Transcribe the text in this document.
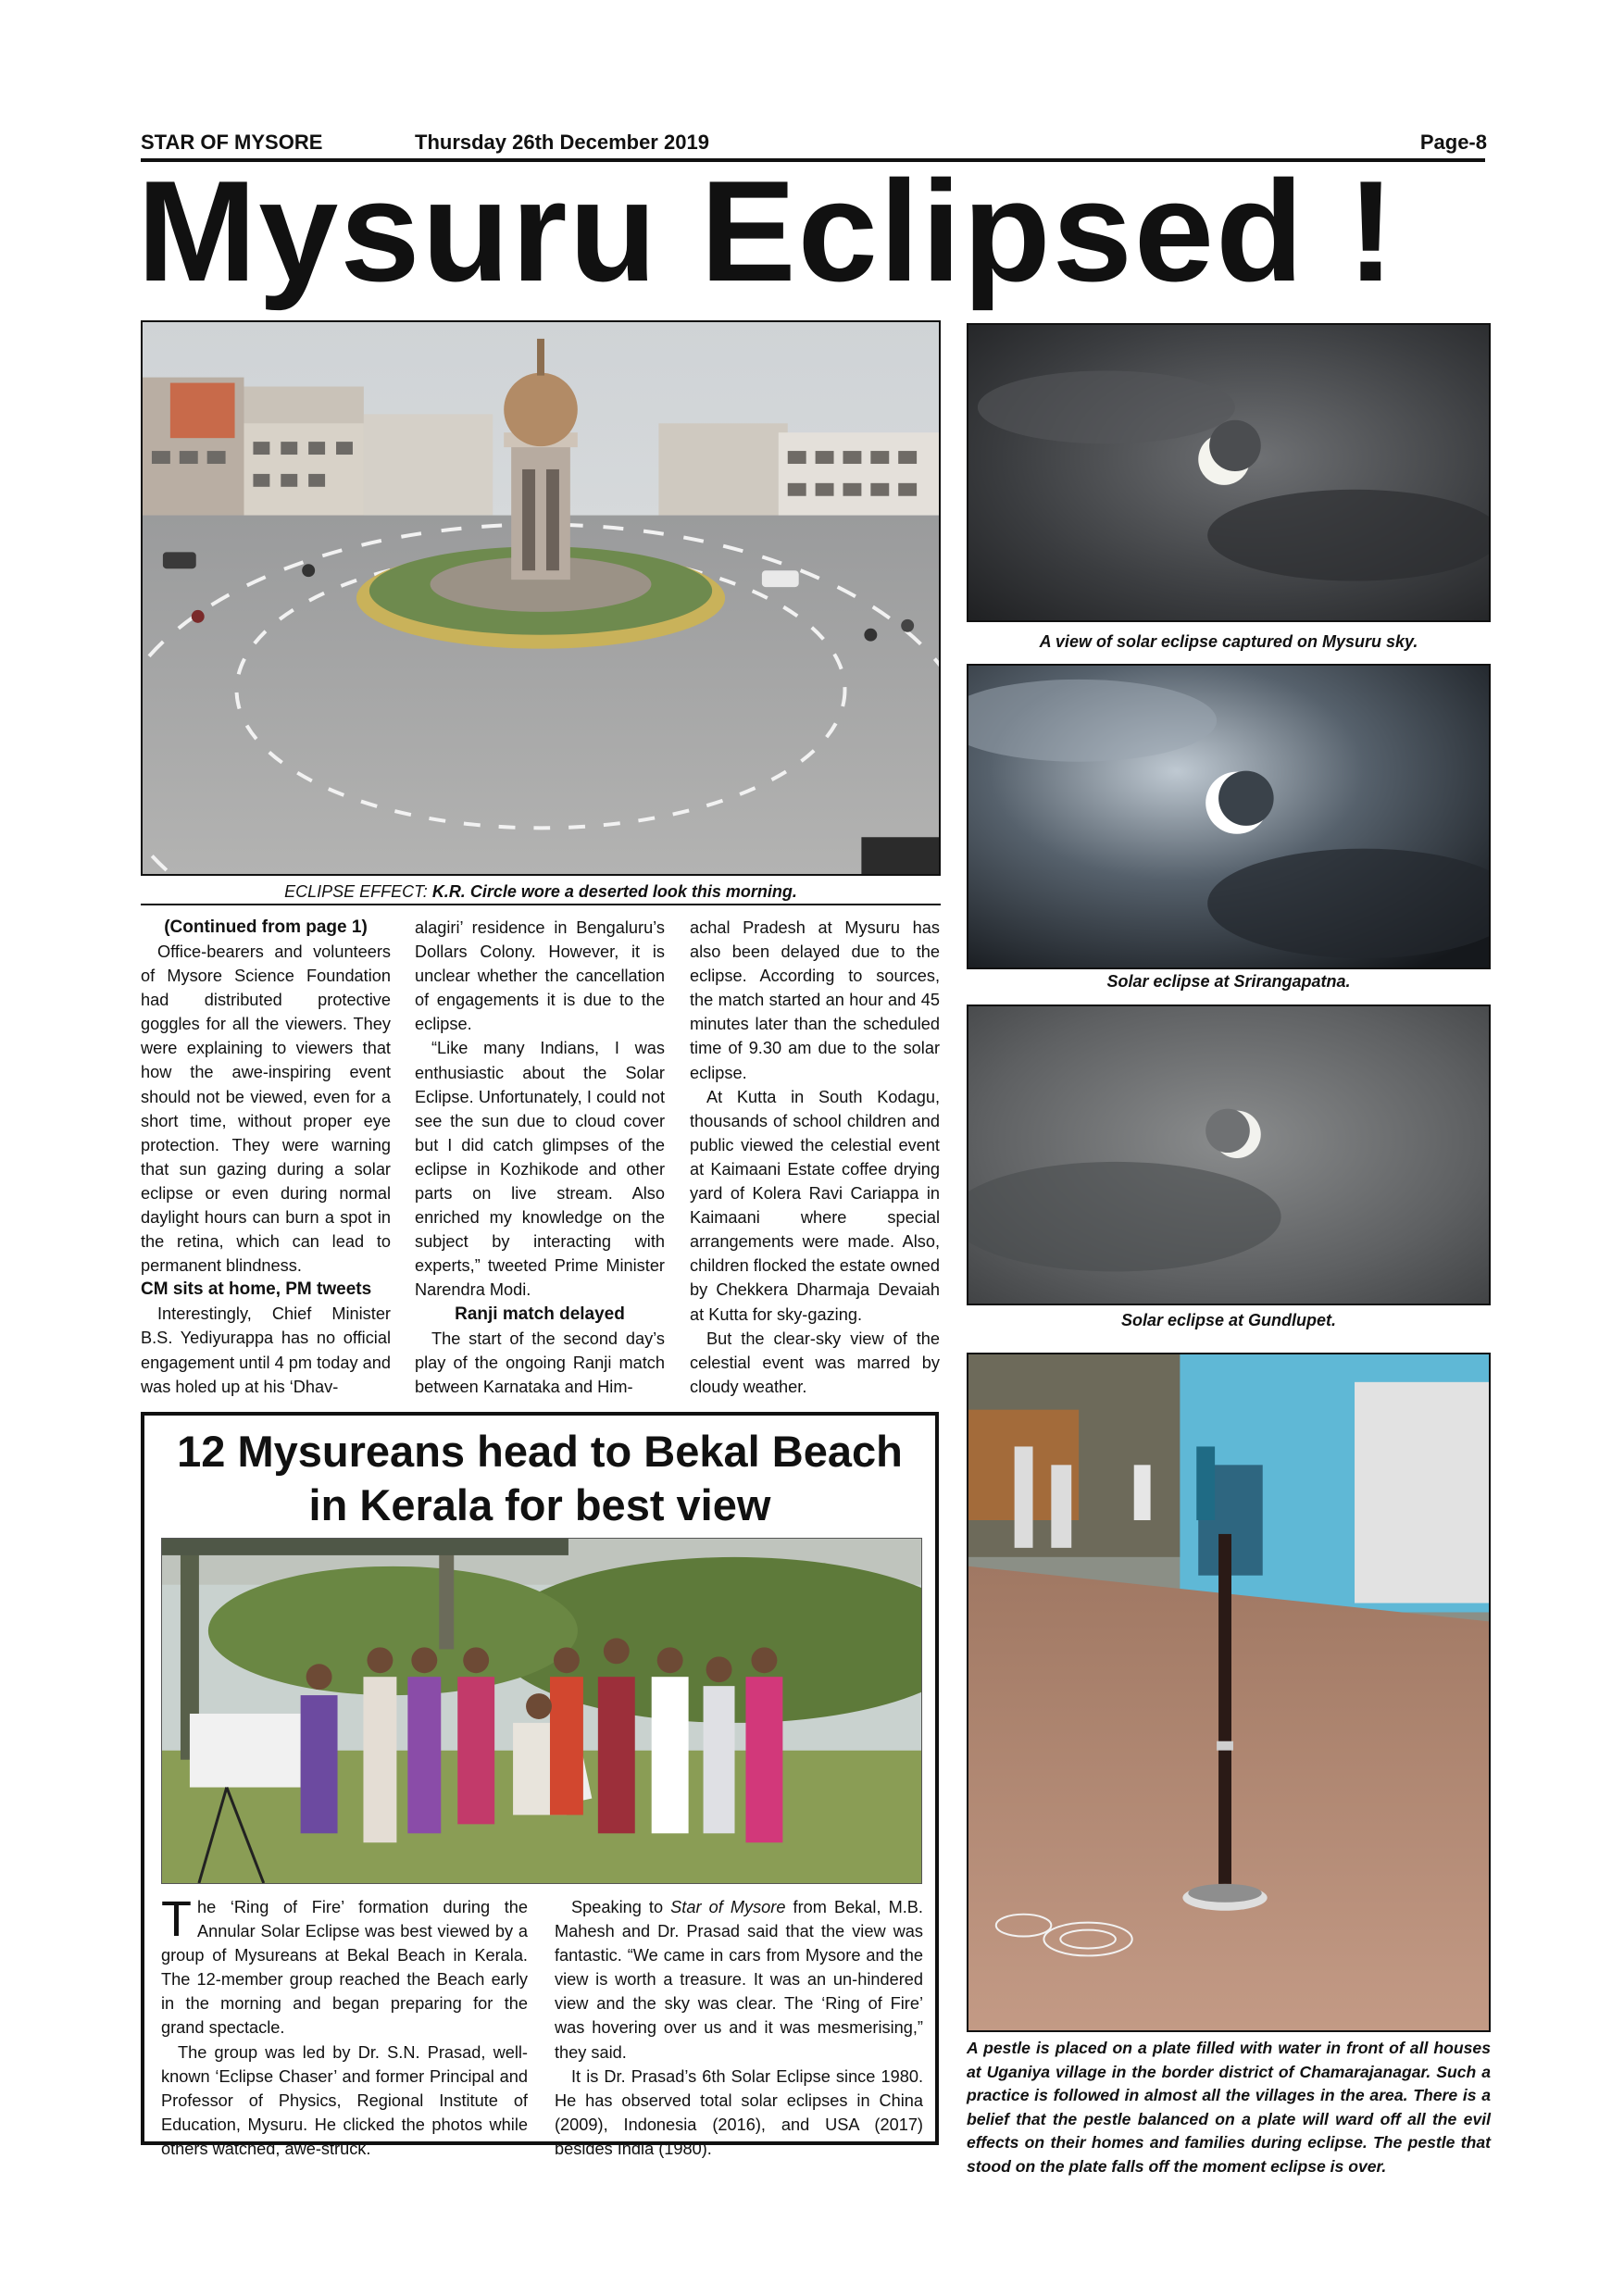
STAR OF MYSORE	Thursday 26th December 2019	Page-8
Mysuru Eclipsed !
ECLIPSE EFFECT: K.R. Circle wore a deserted look this morning.
A view of solar eclipse captured on Mysuru sky.
Solar eclipse at Srirangapatna.
Solar eclipse at Gundlupet.

(Continued from page 1)

Office-bearers and volunteers of Mysore Science Foundation had distributed protective goggles for all the viewers. They were explaining to viewers that how the awe-inspiring event should not be viewed, even for a short time, without proper eye protection. They were warning that sun gazing during a solar eclipse or even during normal daylight hours can burn a spot in the retina, which can lead to permanent blindness.

CM sits at home, PM tweets

Interestingly, Chief Minister B.S. Yediyurappa has no official engagement until 4 pm today and was holed up at his ‘Dhav-

alagiri’ residence in Bengaluru’s Dollars Colony. However, it is unclear whether the cancellation of engagements it is due to the eclipse.

“Like many Indians, I was enthusiastic about the Solar Eclipse. Unfortunately, I could not see the sun due to cloud cover but I did catch glimpses of the eclipse in Kozhikode and other parts on live stream. Also enriched my knowledge on the subject by interacting with experts,” tweeted Prime Minister Narendra Modi.

Ranji match delayed

The start of the second day’s play of the ongoing Ranji match between Karnataka and Him-

achal Pradesh at Mysuru has also been delayed due to the eclipse. According to sources, the match started an hour and 45 minutes later than the scheduled time of 9.30 am due to the solar eclipse.

At Kutta in South Kodagu, thousands of school children and public viewed the celestial event at Kaimaani Estate coffee drying yard of Kolera Ravi Cariappa in Kaimaani where special arrangements were made. Also, children flocked the estate owned by Chekkera Dharmaja Devaiah at Kutta for sky-gazing.

But the clear-sky view of the celestial event was marred by cloudy weather.

12 Mysureans head to Bekal Beach
in Kerala for best view

The ‘Ring of Fire’ formation during the Annular Solar Eclipse was best viewed by a group of Mysureans at Bekal Beach in Kerala. The 12-member group reached the Beach early in the morning and began preparing for the grand spectacle.

The group was led by Dr. S.N. Prasad, well-known ‘Eclipse Chaser’ and former Principal and Professor of Physics, Regional Institute of Education, Mysuru. He clicked the photos while others watched, awe-struck.

Speaking to Star of Mysore from Bekal, M.B. Mahesh and Dr. Prasad said that the view was fantastic. “We came in cars from Mysore and the view is worth a treasure. It was an un-hindered view and the sky was clear. The ‘Ring of Fire’ was hovering over us and it was mesmerising,” they said.

It is Dr. Prasad’s 6th Solar Eclipse since 1980. He has observed total solar eclipses in China (2009), Indonesia (2016), and USA (2017) besides India (1980).

A pestle is placed on a plate filled with water in front of all houses at Uganiya village in the border district of Chamarajanagar. Such a practice is followed in almost all the villages in the area. There is a belief that the pestle balanced on a plate will ward off all the evil effects on their homes and families during eclipse. The pestle that stood on the plate falls off the moment eclipse is over.
